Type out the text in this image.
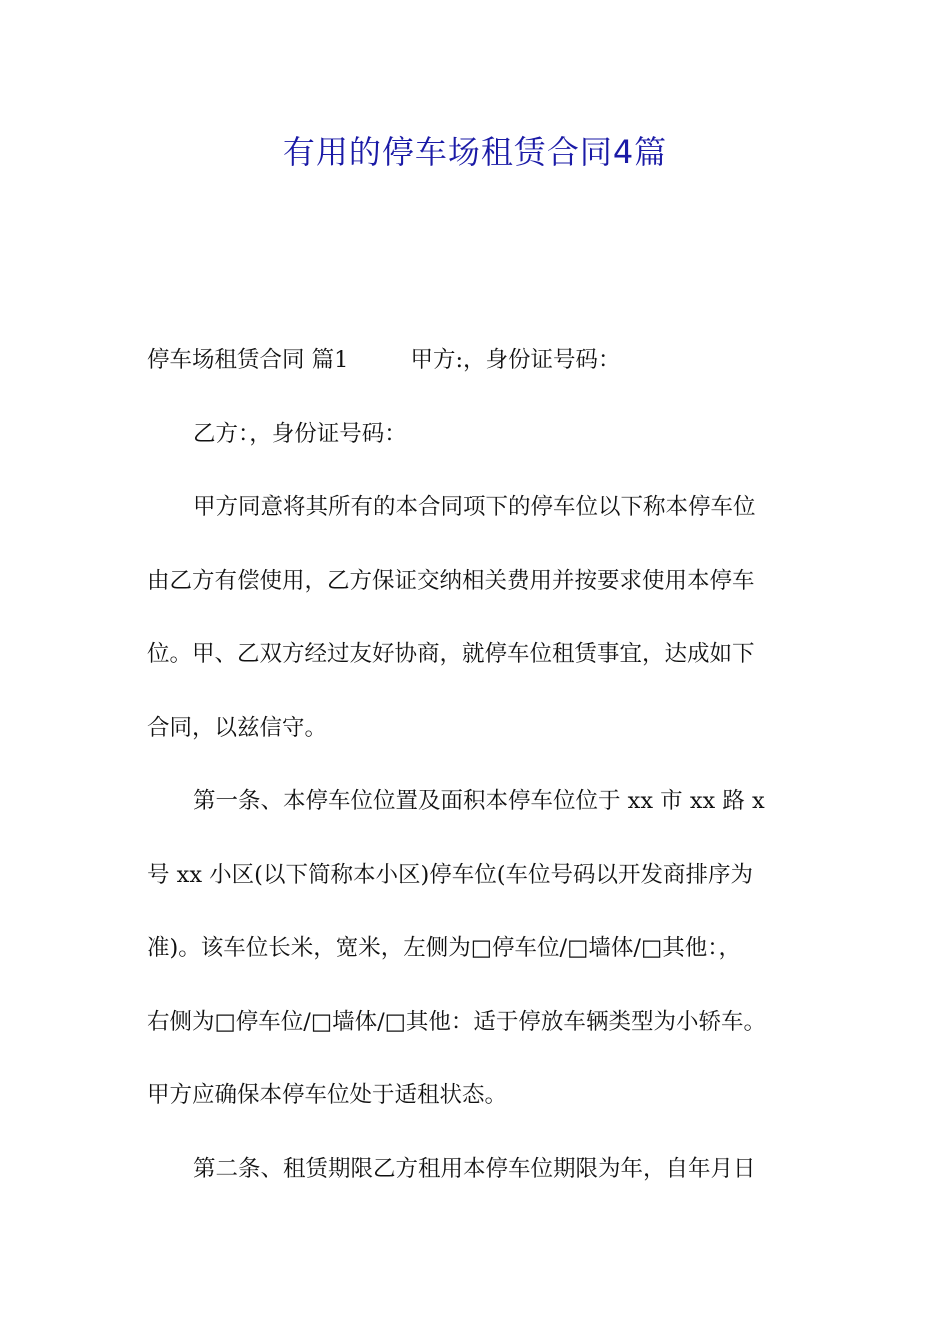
有用的停车场租赁合同4篇
停车场租赁合同 篇1	甲方:，身份证号码：
乙方：，身份证号码：
甲方同意将其所有的本合同项下的停车位以下称本停车位
由乙方有偿使用，乙方保证交纳相关费用并按要求使用本停车
位。甲、乙双方经过友好协商，就停车位租赁事宜，达成如下
合同，以兹信守。
第一条、本停车位位置及面积本停车位位于 xx 市 xx 路 x
号 xx 小区(以下简称本小区)停车位(车位号码以开发商排序为
准)。该车位长米，宽米，左侧为□停车位/□墙体/□其他：，
右侧为□停车位/□墙体/□其他：适于停放车辆类型为小轿车。
甲方应确保本停车位处于适租状态。
第二条、租赁期限乙方租用本停车位期限为年，自年月日
